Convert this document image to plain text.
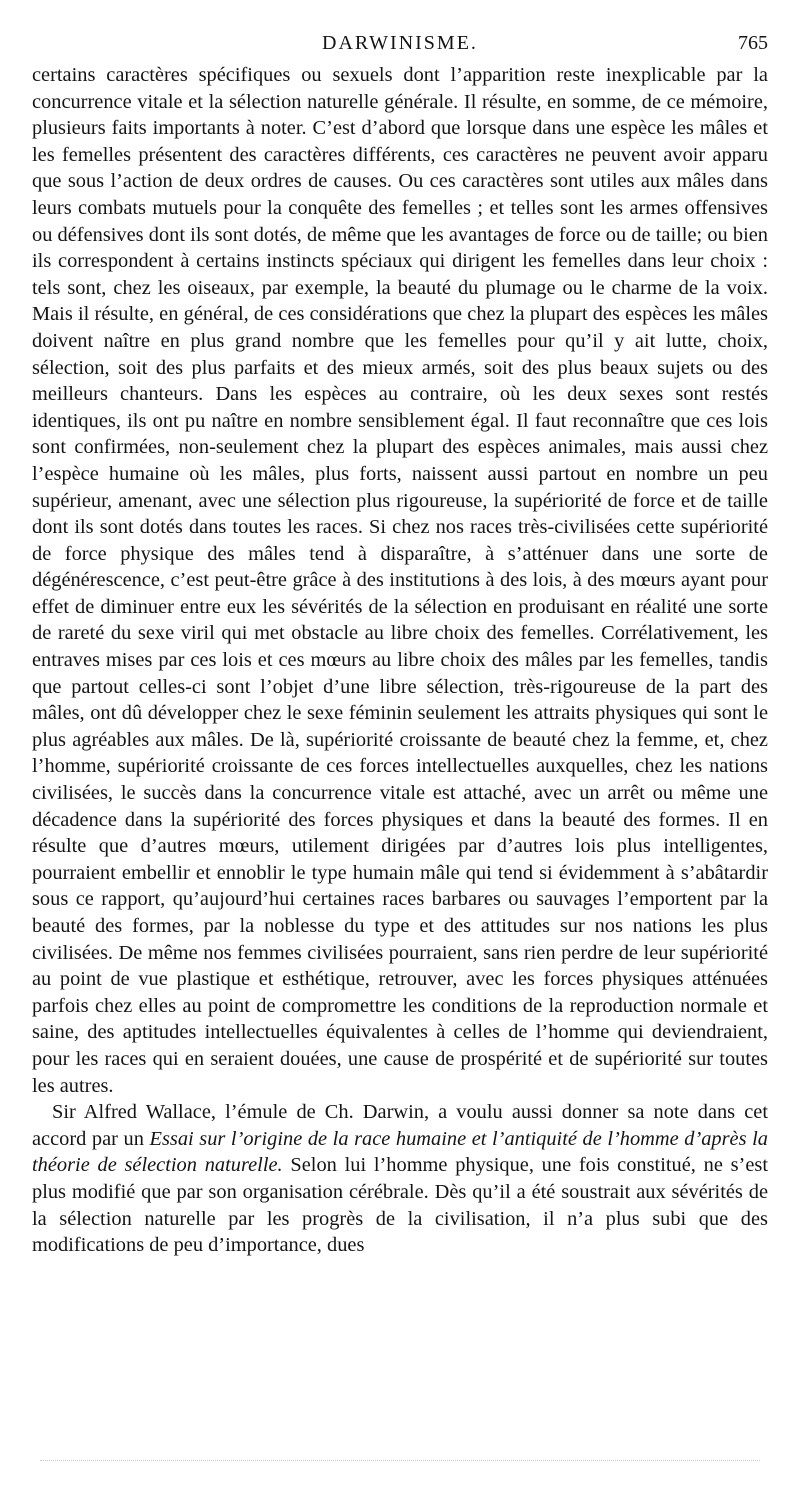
DARWINISME.	765

certains caractères spécifiques ou sexuels dont l’apparition reste inexplicable par la concurrence vitale et la sélection naturelle générale. Il résulte, en somme, de ce mémoire, plusieurs faits importants à noter. C’est d’abord que lorsque dans une espèce les mâles et les femelles présentent des caractères différents, ces caractères ne peuvent avoir apparu que sous l’action de deux ordres de causes. Ou ces caractères sont utiles aux mâles dans leurs combats mutuels pour la conquête des femelles ; et telles sont les armes offensives ou défensives dont ils sont dotés, de même que les avantages de force ou de taille; ou bien ils correspondent à certains instincts spéciaux qui dirigent les femelles dans leur choix : tels sont, chez les oiseaux, par exemple, la beauté du plumage ou le charme de la voix. Mais il résulte, en général, de ces considérations que chez la plupart des espèces les mâles doivent naître en plus grand nombre que les femelles pour qu’il y ait lutte, choix, sélection, soit des plus parfaits et des mieux armés, soit des plus beaux sujets ou des meilleurs chanteurs. Dans les espèces au contraire, où les deux sexes sont restés identiques, ils ont pu naître en nombre sensiblement égal. Il faut reconnaître que ces lois sont confirmées, non-seulement chez la plupart des espèces animales, mais aussi chez l’espèce humaine où les mâles, plus forts, naissent aussi partout en nombre un peu supérieur, amenant, avec une sélection plus rigoureuse, la supériorité de force et de taille dont ils sont dotés dans toutes les races. Si chez nos races très-civilisées cette supériorité de force physique des mâles tend à disparaître, à s’atténuer dans une sorte de dégénérescence, c’est peut-être grâce à des institutions à des lois, à des mœurs ayant pour effet de diminuer entre eux les sévérités de la sélection en produisant en réalité une sorte de rareté du sexe viril qui met obstacle au libre choix des femelles. Corrélativement, les entraves mises par ces lois et ces mœurs au libre choix des mâles par les femelles, tandis que partout celles-ci sont l’objet d’une libre sélection, très-rigoureuse de la part des mâles, ont dû développer chez le sexe féminin seulement les attraits physiques qui sont le plus agréables aux mâles. De là, supériorité croissante de beauté chez la femme, et, chez l’homme, supériorité croissante de ces forces intellectuelles auxquelles, chez les nations civilisées, le succès dans la concurrence vitale est attaché, avec un arrêt ou même une décadence dans la supériorité des forces physiques et dans la beauté des formes. Il en résulte que d’autres mœurs, utilement dirigées par d’autres lois plus intelligentes, pourraient embellir et ennoblir le type humain mâle qui tend si évidemment à s’abâtardir sous ce rapport, qu’aujourd’hui certaines races barbares ou sauvages l’emportent par la beauté des formes, par la noblesse du type et des attitudes sur nos nations les plus civilisées. De même nos femmes civilisées pourraient, sans rien perdre de leur supériorité au point de vue plastique et esthétique, retrouver, avec les forces physiques atténuées parfois chez elles au point de compromettre les conditions de la reproduction normale et saine, des aptitudes intellectuelles équivalentes à celles de l’homme qui deviendraient, pour les races qui en seraient douées, une cause de prospérité et de supériorité sur toutes les autres.

Sir Alfred Wallace, l’émule de Ch. Darwin, a voulu aussi donner sa note dans cet accord par un Essai sur l’origine de la race humaine et l’antiquité de l’homme d’après la théorie de sélection naturelle. Selon lui l’homme physique, une fois constitué, ne s’est plus modifié que par son organisation cérébrale. Dès qu’il a été soustrait aux sévérités de la sélection naturelle par les progrès de la civilisation, il n’a plus subi que des modifications de peu d’importance, dues
